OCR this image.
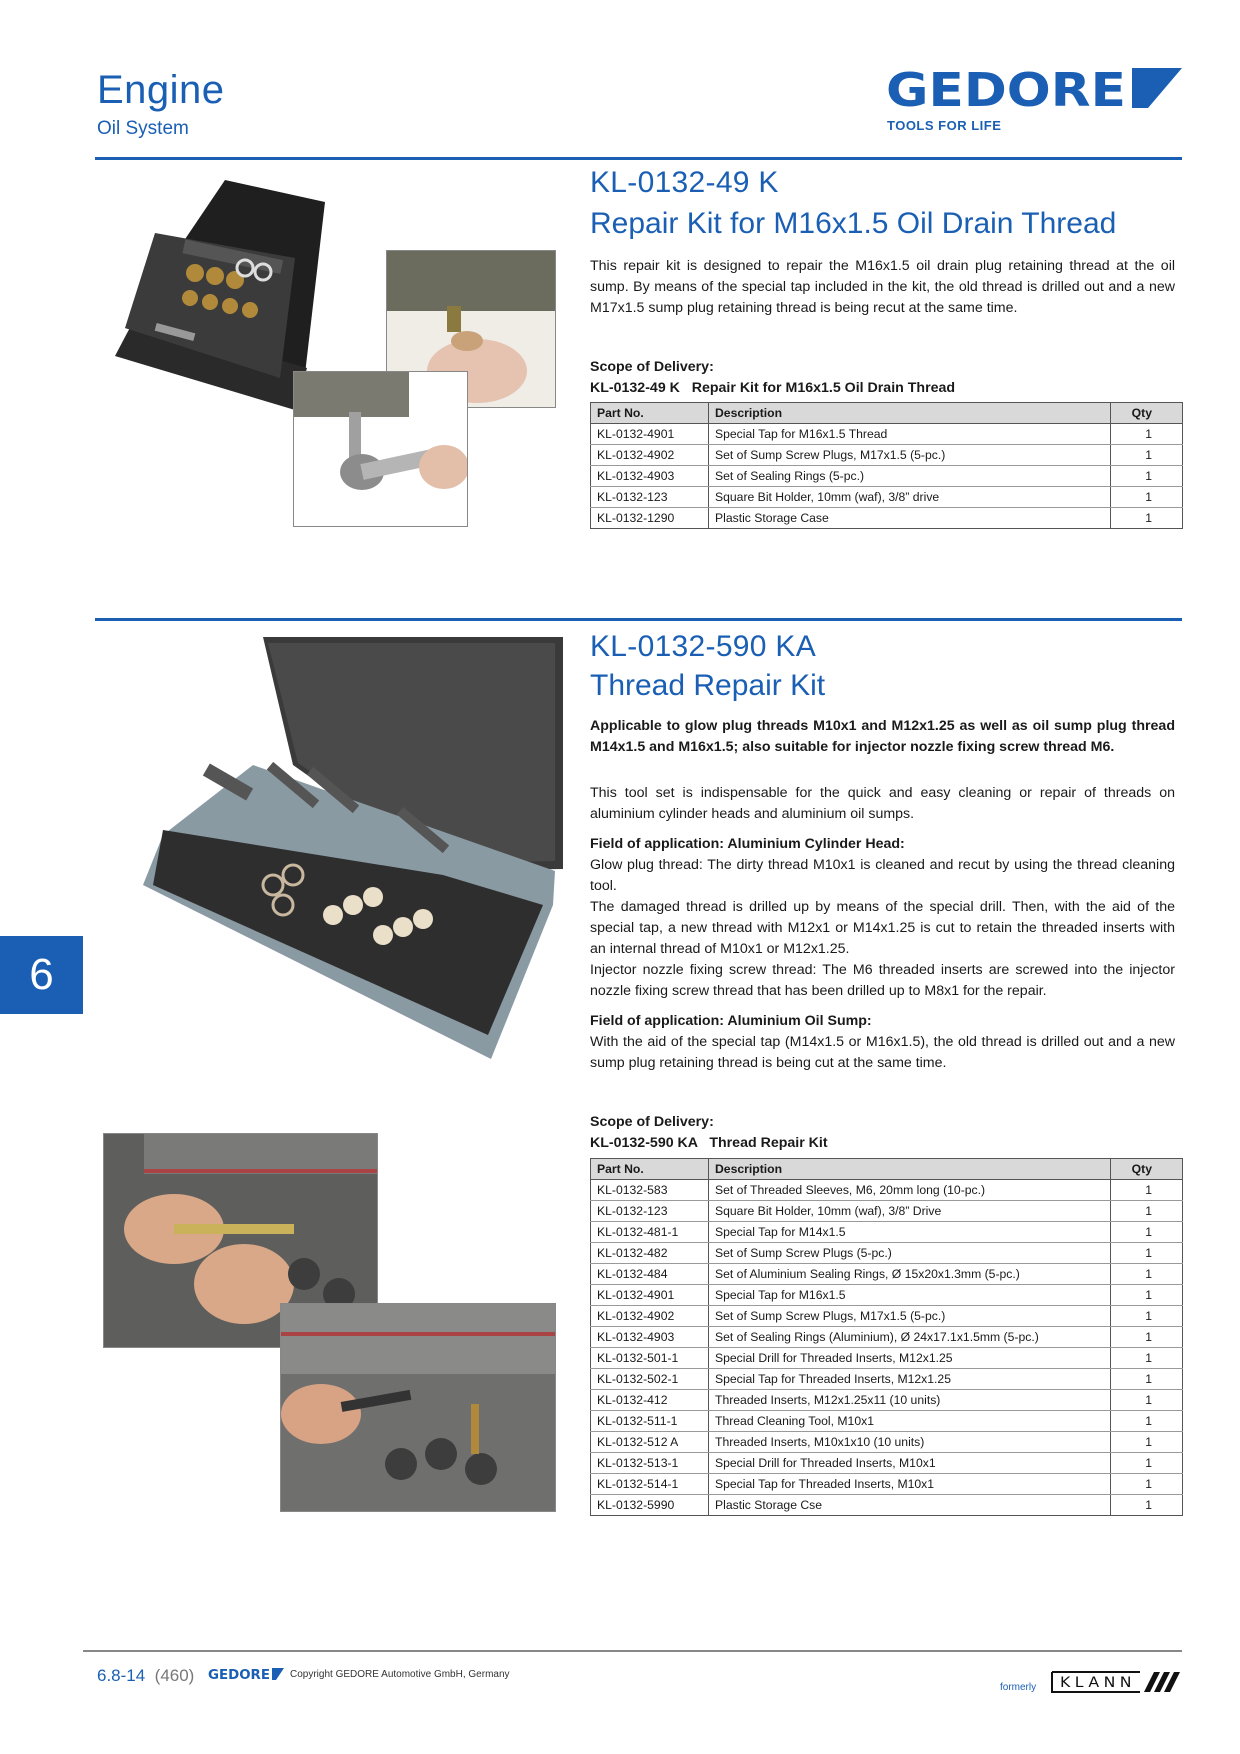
Engine
Oil System
GEDORE
TOOLS FOR LIFE
KL-0132-49 K
Repair Kit for M16x1.5 Oil Drain Thread
This repair kit is designed to repair the M16x1.5 oil drain plug retaining thread at the oil sump. By means of the special tap included in the kit, the old thread is drilled out and a new M17x1.5 sump plug retaining thread is being recut at the same time.
Scope of Delivery:
KL-0132-49 K   Repair Kit for M16x1.5 Oil Drain Thread
Part No.	Description	Qty
KL-0132-4901	Special Tap for M16x1.5 Thread	1
KL-0132-4902	Set of Sump Screw Plugs, M17x1.5 (5-pc.)	1
KL-0132-4903	Set of Sealing Rings (5-pc.)	1
KL-0132-123	Square Bit Holder, 10mm (waf), 3/8” drive	1
KL-0132-1290	Plastic Storage Case	1
KL-0132-590 KA
Thread Repair Kit
Applicable to glow plug threads M10x1 and M12x1.25 as well as oil sump plug thread M14x1.5 and M16x1.5; also suitable for injector nozzle fixing screw thread M6.
This tool set is indispensable for the quick and easy cleaning or repair of threads on aluminium cylinder heads and aluminium oil sumps.
Field of application: Aluminium Cylinder Head:
Glow plug thread: The dirty thread M10x1 is cleaned and recut by using the thread cleaning tool.
The damaged thread is drilled up by means of the special drill. Then, with the aid of the special tap, a new thread with M12x1 or M14x1.25 is cut to retain the threaded inserts with an internal thread of M10x1 or M12x1.25.
Injector nozzle fixing screw thread: The M6 threaded inserts are screwed into the injector nozzle fixing screw thread that has been drilled up to M8x1 for the repair.
Field of application: Aluminium Oil Sump:
With the aid of the special tap (M14x1.5 or M16x1.5), the old thread is drilled out and a new sump plug retaining thread is being cut at the same time.
Scope of Delivery:
KL-0132-590 KA   Thread Repair Kit
Part No.	Description	Qty
KL-0132-583	Set of Threaded Sleeves, M6, 20mm long (10-pc.)	1
KL-0132-123	Square Bit Holder, 10mm (waf), 3/8” Drive	1
KL-0132-481-1	Special Tap for M14x1.5	1
KL-0132-482	Set of Sump Screw Plugs (5-pc.)	1
KL-0132-484	Set of Aluminium Sealing Rings, Ø 15x20x1.3mm (5-pc.)	1
KL-0132-4901	Special Tap for M16x1.5	1
KL-0132-4902	Set of Sump Screw Plugs, M17x1.5 (5-pc.)	1
KL-0132-4903	Set of Sealing Rings (Aluminium), Ø 24x17.1x1.5mm (5-pc.)	1
KL-0132-501-1	Special Drill for Threaded Inserts, M12x1.25	1
KL-0132-502-1	Special Tap for Threaded Inserts, M12x1.25	1
KL-0132-412	Threaded Inserts, M12x1.25x11 (10 units)	1
KL-0132-511-1	Thread Cleaning Tool, M10x1	1
KL-0132-512 A	Threaded Inserts, M10x1x10 (10 units)	1
KL-0132-513-1	Special Drill for Threaded Inserts, M10x1	1
KL-0132-514-1	Special Tap for Threaded Inserts, M10x1	1
KL-0132-5990	Plastic Storage Cse	1
6
6.8-14 (460) GEDORE Copyright GEDORE Automotive GmbH, Germany
formerly KLANN
